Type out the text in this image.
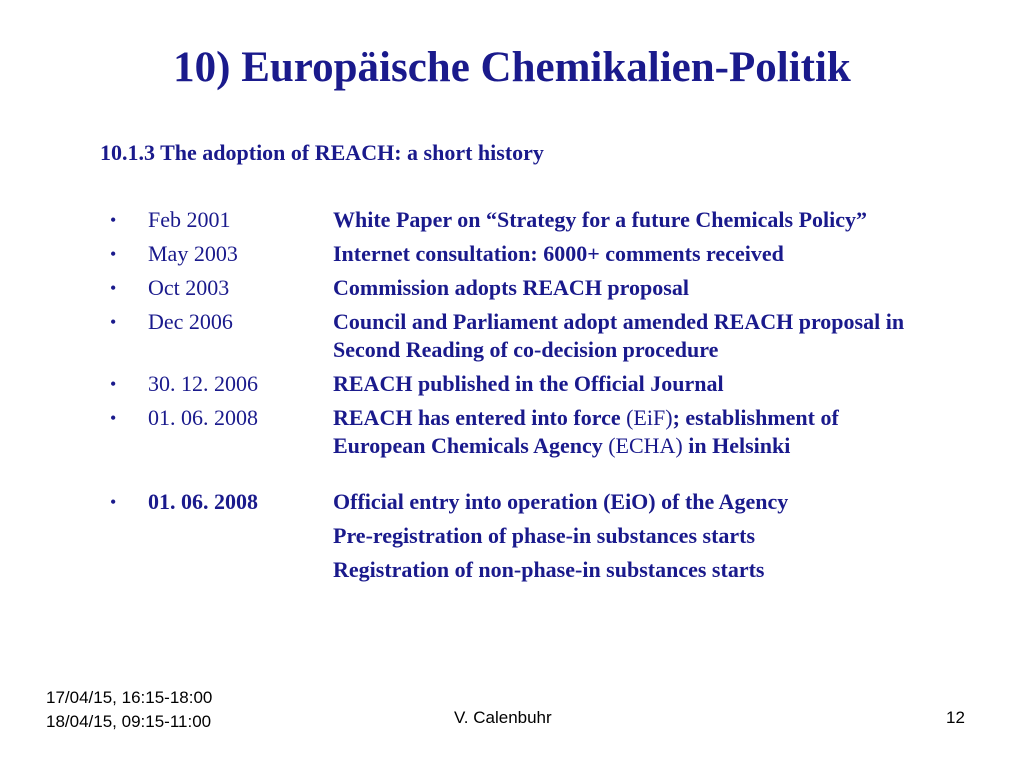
10) Europäische Chemikalien-Politik

10.1.3 The adoption of REACH: a short history

• Feb 2001	White Paper on “Strategy for a future Chemicals Policy”
• May 2003	Internet consultation: 6000+ comments received
• Oct 2003	Commission adopts REACH proposal
• Dec 2006	Council and Parliament adopt amended REACH proposal in Second Reading of co-decision procedure
• 30. 12. 2006	REACH published in the Official Journal
• 01. 06. 2008	REACH has entered into force (EiF); establishment of European Chemicals Agency (ECHA) in Helsinki
• 01. 06. 2008	Official entry into operation (EiO) of the Agency
Pre-registration of phase-in substances starts
Registration of non-phase-in substances starts
17/04/15, 16:15-18:00
18/04/15, 09:15-11:00	V. Calenbuhr	12
